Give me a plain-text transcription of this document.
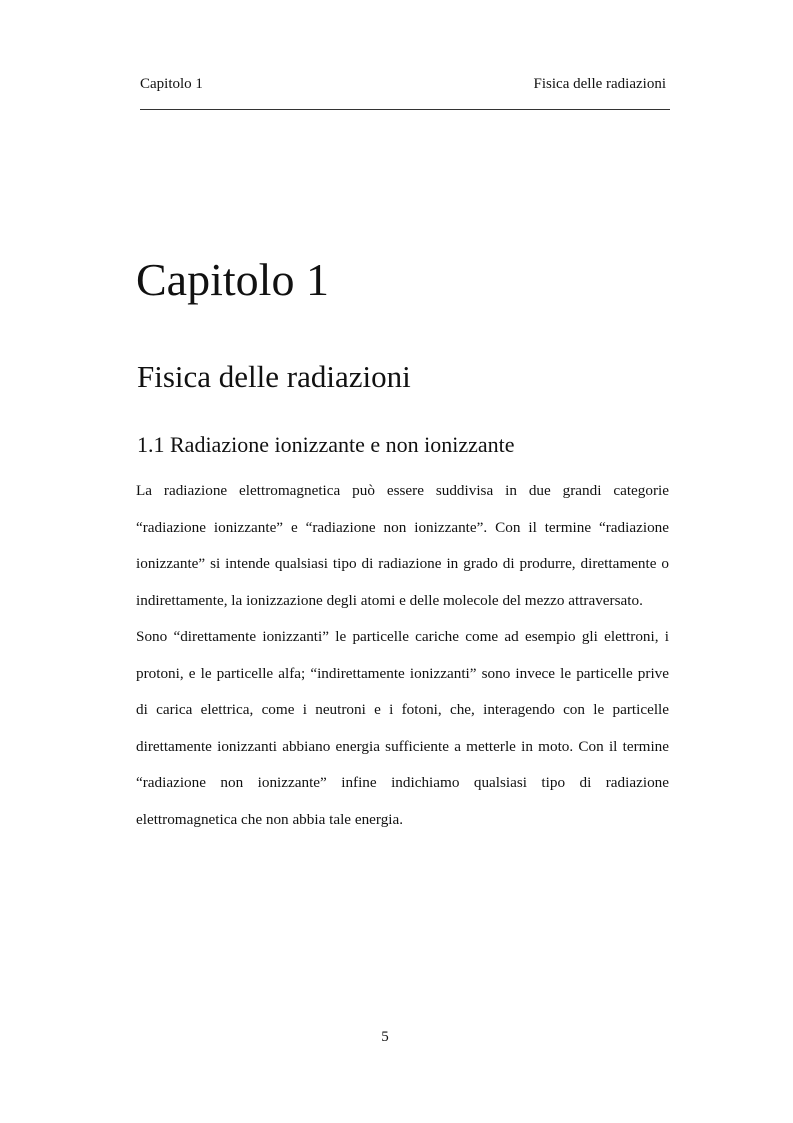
Capitolo 1	Fisica delle radiazioni
Capitolo 1
Fisica delle radiazioni
1.1 Radiazione ionizzante e non ionizzante

La radiazione elettromagnetica può essere suddivisa in due grandi categorie “radiazione ionizzante” e “radiazione non ionizzante”. Con il termine “radiazione ionizzante” si intende qualsiasi tipo di radiazione in grado di produrre, direttamente o indirettamente, la ionizzazione degli atomi e delle molecole del mezzo attraversato.

Sono “direttamente ionizzanti” le particelle cariche come ad esempio gli elettroni, i protoni, e le particelle alfa; “indirettamente ionizzanti” sono invece le particelle prive di carica elettrica, come i neutroni e i fotoni, che, interagendo con le particelle direttamente ionizzanti abbiano energia sufficiente a metterle in moto. Con il termine “radiazione non ionizzante” infine indichiamo qualsiasi tipo di radiazione elettromagnetica che non abbia tale energia.

5
